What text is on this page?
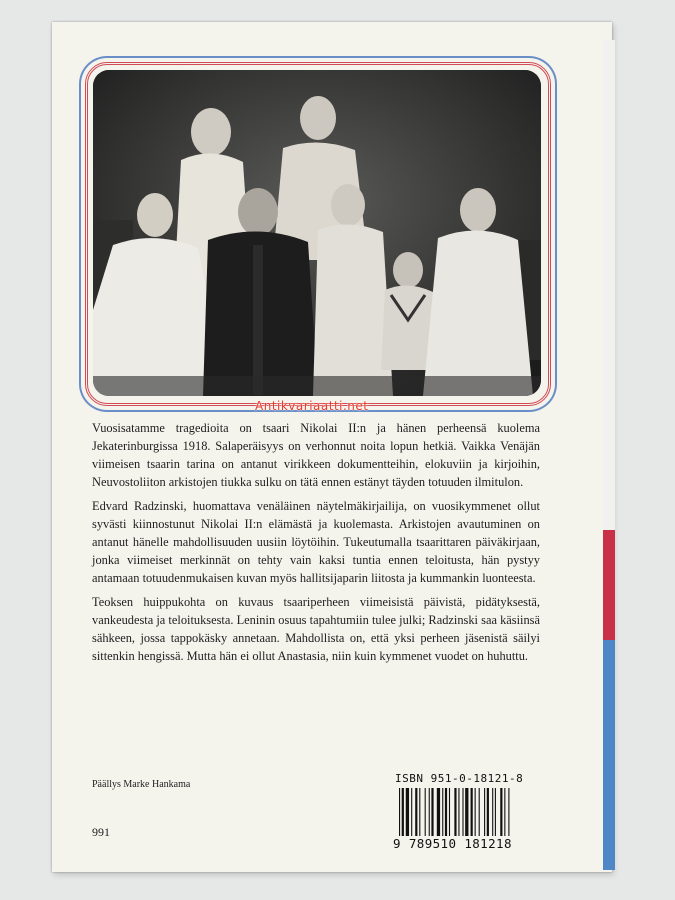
Antikvariaatti.net

Vuosisatamme tragedioita on tsaari Nikolai II:n ja hänen perheensä kuolema Jekaterinburgissa 1918. Salaperäisyys on verhonnut noita lopun hetkiä. Vaikka Venäjän viimeisen tsaarin tarina on antanut virikkeen dokumentteihin, elokuviin ja kirjoihin, Neuvostoliiton arkistojen tiukka sulku on tätä ennen estänyt täyden totuuden ilmitulon.

Edvard Radzinski, huomattava venäläinen näytelmäkirjailija, on vuosikymmenet ollut syvästi kiinnostunut Nikolai II:n elämästä ja kuolemasta. Arkistojen avautuminen on antanut hänelle mahdollisuuden uusiin löytöihin. Tukeutumalla tsaarittaren päiväkirjaan, jonka viimeiset merkinnät on tehty vain kaksi tuntia ennen teloitusta, hän pystyy antamaan totuudenmukaisen kuvan myös hallitsijaparin liitosta ja kummankin luonteesta.

Teoksen huippukohta on kuvaus tsaariperheen viimeisistä päivistä, pidätyksestä, vankeudesta ja teloituksesta. Leninin osuus tapahtumiin tulee julki; Radzinski saa käsiinsä sähkeen, jossa tappokäsky annetaan. Mahdollista on, että yksi perheen jäsenistä säilyi sittenkin hengissä. Mutta hän ei ollut Anastasia, niin kuin kymmenet vuodet on huhuttu.

Päällys Marke Hankama
991
ISBN 951-0-18121-8
9 789510 181218
